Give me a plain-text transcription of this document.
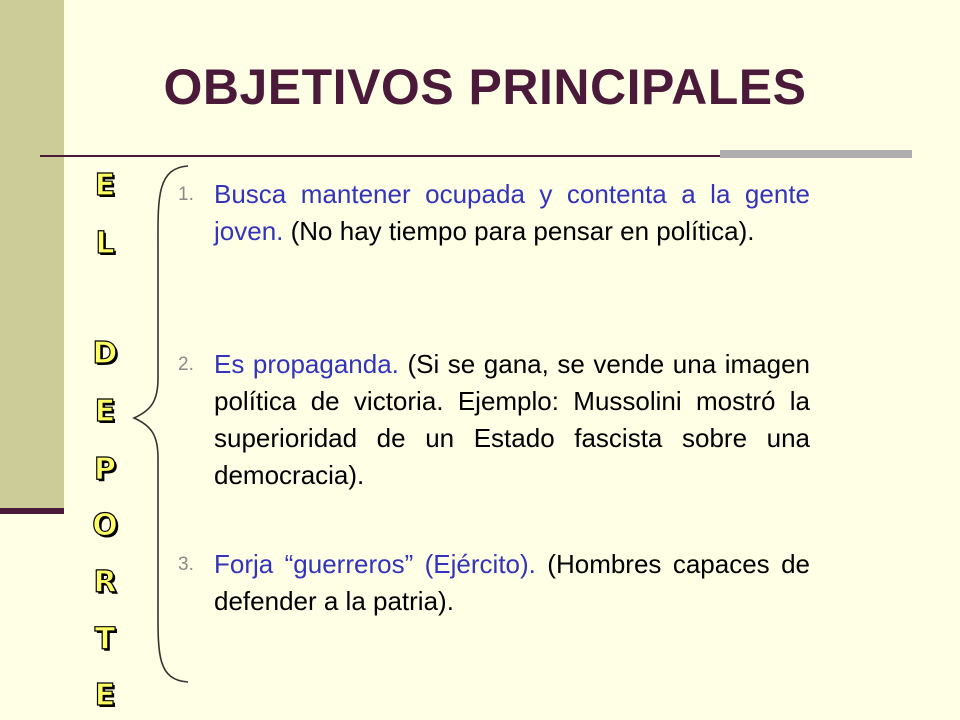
OBJETIVOS PRINCIPALES
E
L
D
E
P
O
R
T
E
1. Busca mantener ocupada y contenta a la gente joven. (No hay tiempo para pensar en política).
2. Es propaganda. (Si se gana, se vende una imagen política de victoria. Ejemplo: Mussolini mostró la superioridad de un Estado fascista sobre una democracia).
3. Forja “guerreros” (Ejército). (Hombres capaces de defender a la patria).
